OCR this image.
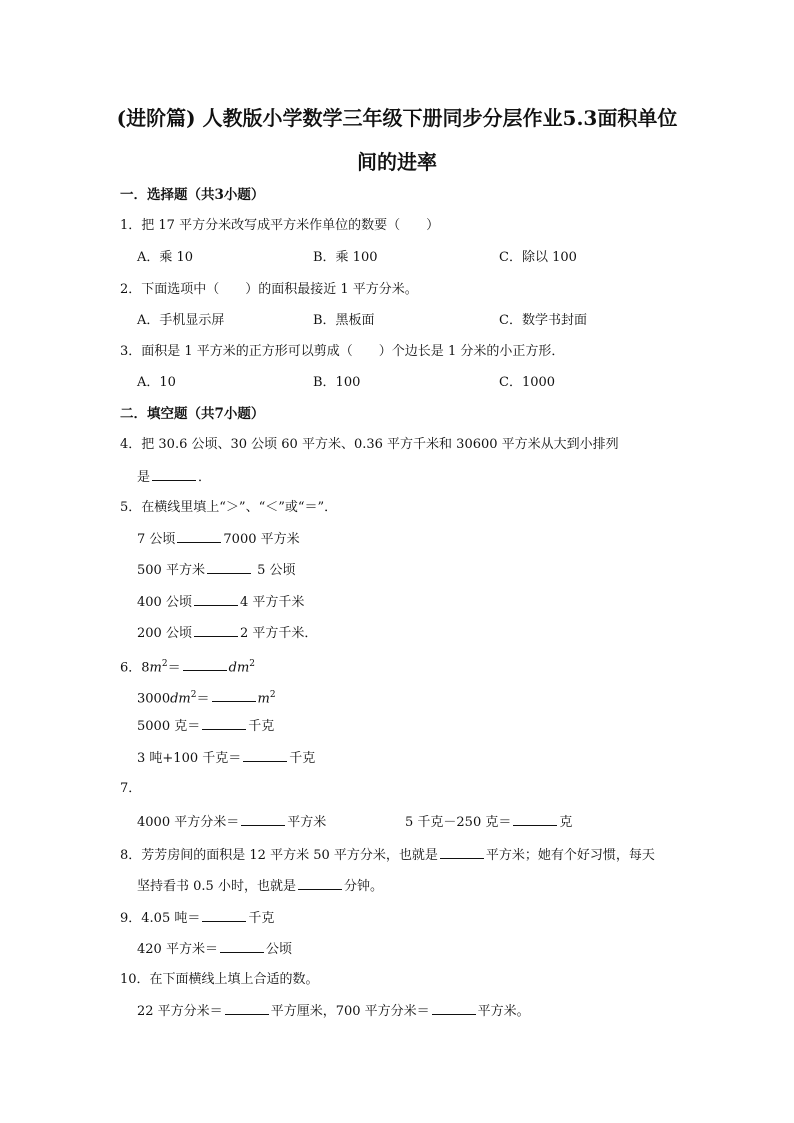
(进阶篇) 人教版小学数学三年级下册同步分层作业5.3面积单位
间的进率
一．选择题（共3小题）
1．把 17 平方分米改写成平方米作单位的数要（　　）
A．乘 10	B．乘 100	C．除以 100
2．下面选项中（　　）的面积最接近 1 平方分米。
A．手机显示屏	B．黑板面	C．数学书封面
3．面积是 1 平方米的正方形可以剪成（　　）个边长是 1 分米的小正方形．
A．10	B．100	C．1000
二．填空题（共7小题）
4．把 30.6 公顷、30 公顷 60 平方米、0.36 平方千米和 30600 平方米从大到小排列
是	．
5．在横线里填上“＞”、“＜”或“＝”．
7 公顷	7000 平方米
500 平方米	5 公顷
400 公顷	4 平方千米
200 公顷	2 平方千米．
6．$8m^2=$	$dm^2$
$3000dm^2=$	$m^2$
5000 克＝	千克
3 吨+100 千克＝	千克
7．
4000 平方分米＝	平方米	5 千克－250 克＝	克
8．芳芳房间的面积是 12 平方米 50 平方分米，也就是	平方米；她有个好习惯，每天
坚持看书 0.5 小时，也就是	分钟。
9．4.05 吨＝	千克
420 平方米＝	公顷
10．在下面横线上填上合适的数。
22 平方分米＝	平方厘米，700 平方分米＝	平方米。
